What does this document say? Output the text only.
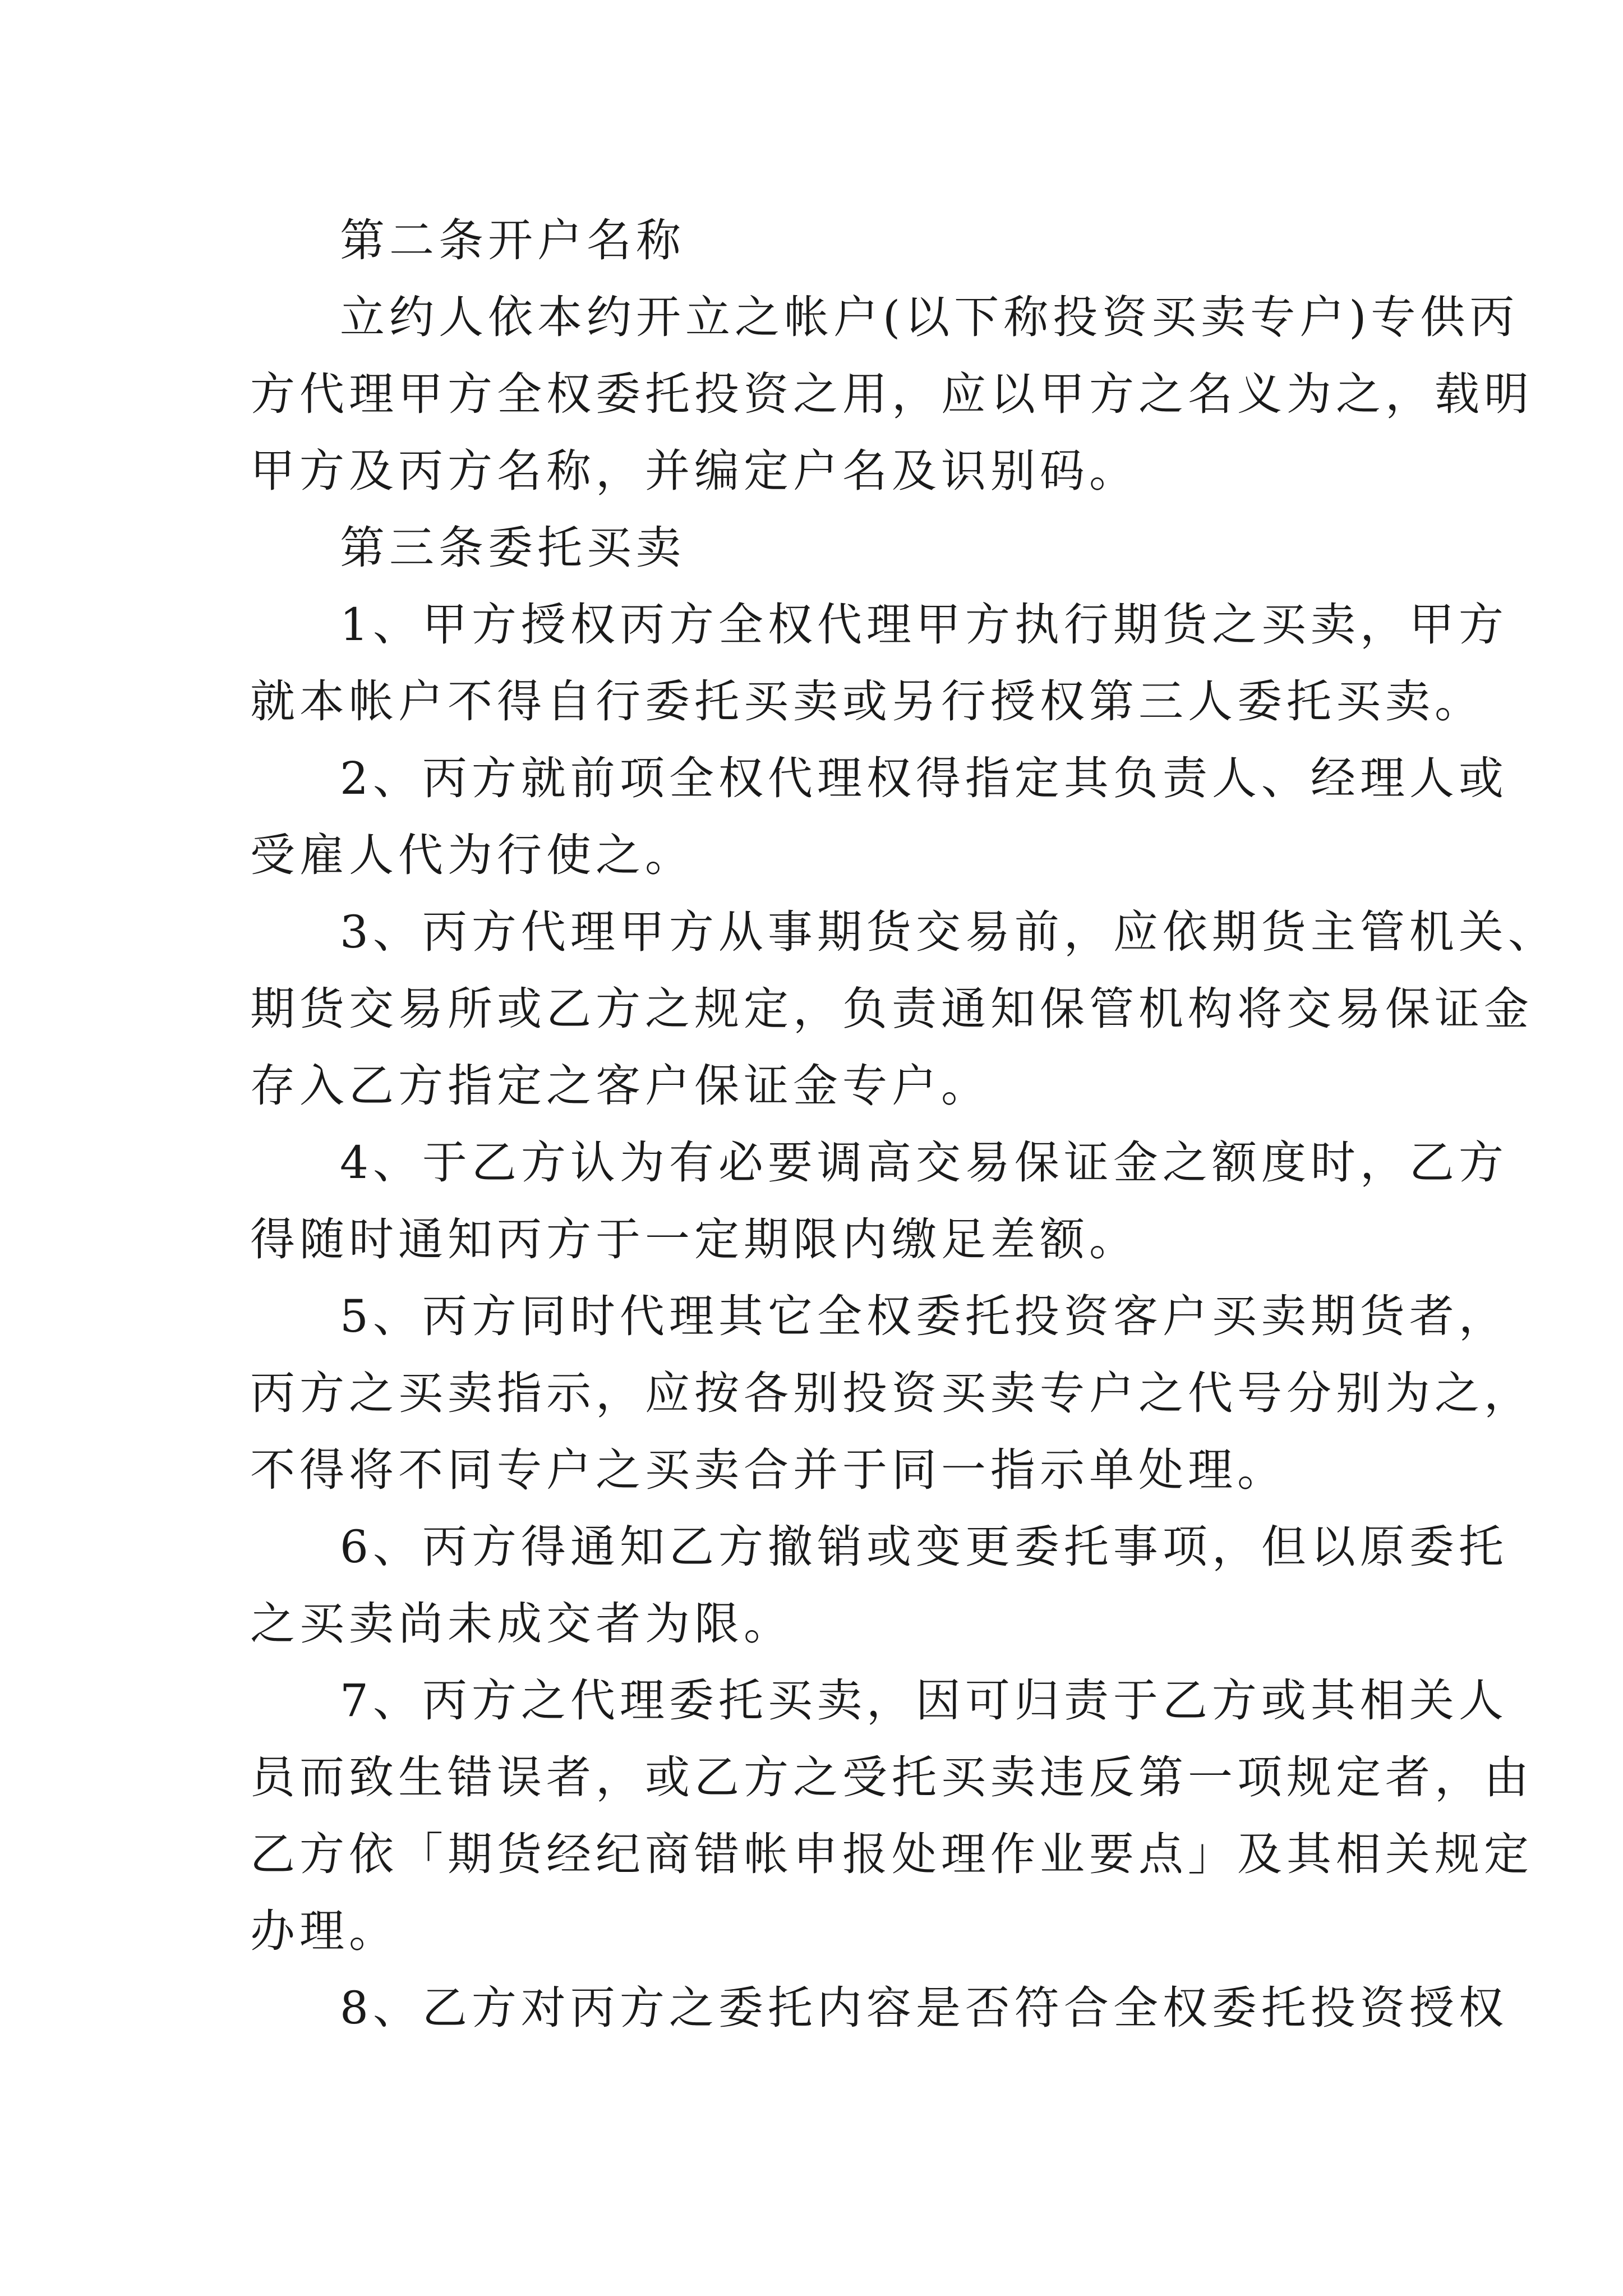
第二条开户名称
立约人依本约开立之帐户(以下称投资买卖专户)专供丙
方代理甲方全权委托投资之用，应以甲方之名义为之，载明
甲方及丙方名称，并编定户名及识别码。
第三条委托买卖
1、甲方授权丙方全权代理甲方执行期货之买卖，甲方
就本帐户不得自行委托买卖或另行授权第三人委托买卖。
2、丙方就前项全权代理权得指定其负责人、经理人或
受雇人代为行使之。
3、丙方代理甲方从事期货交易前，应依期货主管机关、
期货交易所或乙方之规定，负责通知保管机构将交易保证金
存入乙方指定之客户保证金专户。
4、于乙方认为有必要调高交易保证金之额度时，乙方
得随时通知丙方于一定期限内缴足差额。
5、丙方同时代理其它全权委托投资客户买卖期货者，
丙方之买卖指示，应按各别投资买卖专户之代号分别为之，
不得将不同专户之买卖合并于同一指示单处理。
6、丙方得通知乙方撤销或变更委托事项，但以原委托
之买卖尚未成交者为限。
7、丙方之代理委托买卖，因可归责于乙方或其相关人
员而致生错误者，或乙方之受托买卖违反第一项规定者，由
乙方依「期货经纪商错帐申报处理作业要点」及其相关规定
办理。
8、乙方对丙方之委托内容是否符合全权委托投资授权
